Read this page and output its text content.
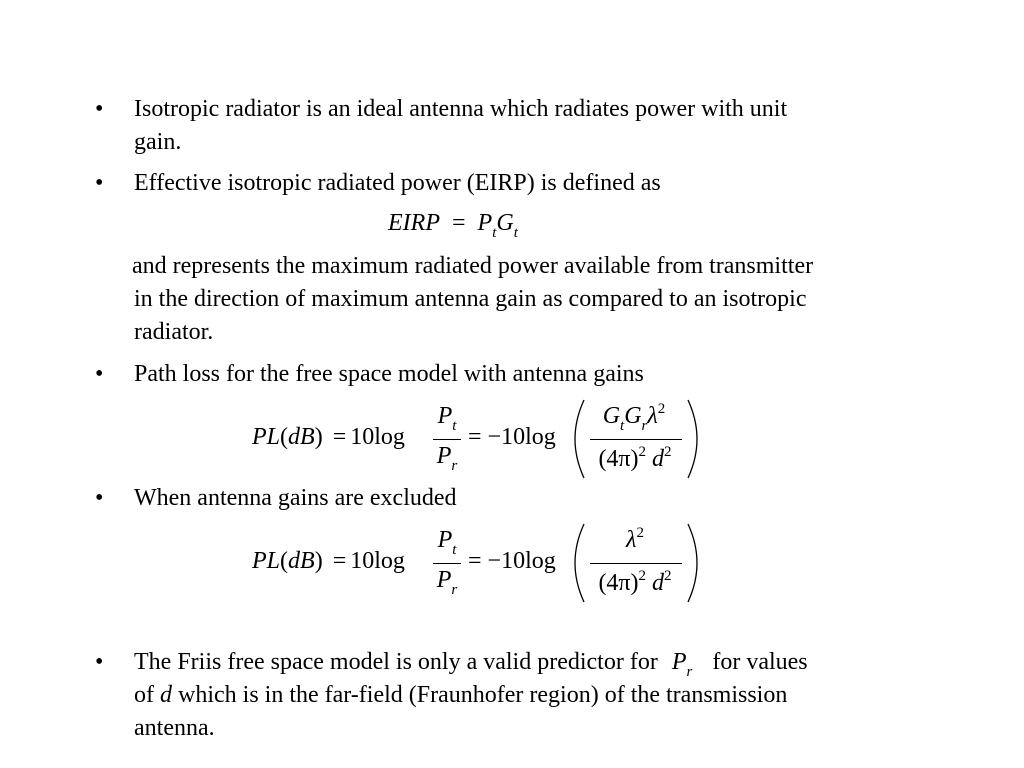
• Isotropic radiator is an ideal antenna which radiates power with unit
gain.
• Effective isotropic radiated power (EIRP) is defined as
EIRP = $P_tG_t$
and represents the maximum radiated power available from transmitter
in the direction of maximum antenna gain as compared to an isotropic
radiator.
• Path loss for the free space model with antenna gains
PL(dB) = 10log
$P_t$
$P_r$
= −10log
$G_tG_r\lambda^2$
$(4\pi)^2$ $d^2$
• When antenna gains are excluded
PL(dB) = 10log
$P_t$
$P_r$
= −10log
$\lambda^2$
$(4\pi)^2$ $d^2$
• The Friis free space model is only a valid predictor for $P_r$ for values
of d which is in the far-field (Fraunhofer region) of the transmission
antenna.
